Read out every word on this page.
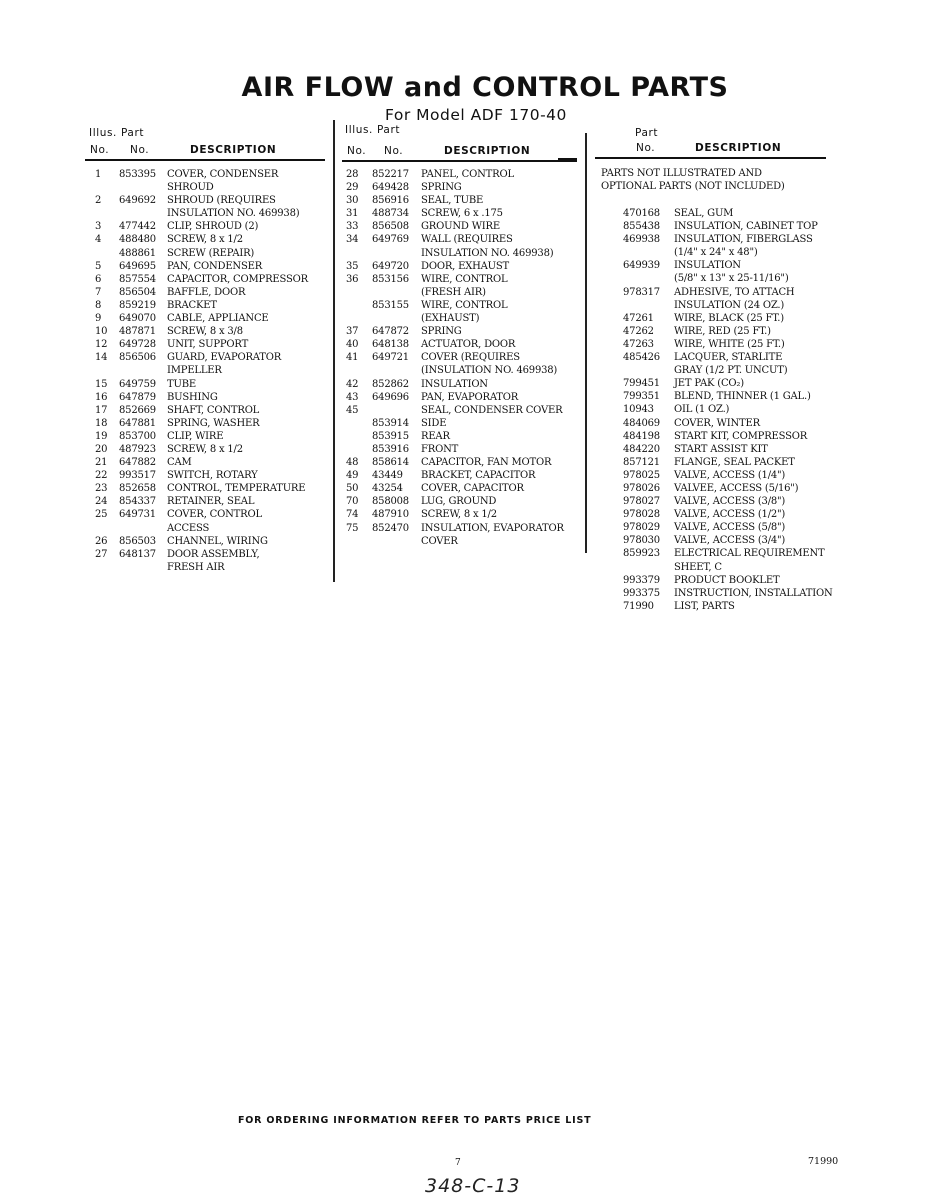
AIR FLOW and CONTROL PARTS
For Model ADF 170-40
Illus. Part
No. No.	DESCRIPTION
Illus. Part
No. No.	DESCRIPTION
Part
No.	DESCRIPTION
1 853395 COVER, CONDENSER
SHROUD
2 649692 SHROUD (REQUIRES
INSULATION NO. 469938)
3 477442 CLIP, SHROUD (2)
4 488480 SCREW, 8 x 1/2
488861 SCREW (REPAIR)
5 649695 PAN, CONDENSER
6 857554 CAPACITOR, COMPRESSOR
7 856504 BAFFLE, DOOR
8 859219 BRACKET
9 649070 CABLE, APPLIANCE
10 487871 SCREW, 8 x 3/8
12 649728 UNIT, SUPPORT
14 856506 GUARD, EVAPORATOR
IMPELLER
15 649759 TUBE
16 647879 BUSHING
17 852669 SHAFT, CONTROL
18 647881 SPRING, WASHER
19 853700 CLIP, WIRE
20 487923 SCREW, 8 x 1/2
21 647882 CAM
22 993517 SWITCH, ROTARY
23 852658 CONTROL, TEMPERATURE
24 854337 RETAINER, SEAL
25 649731 COVER, CONTROL
ACCESS
26 856503 CHANNEL, WIRING
27 648137 DOOR ASSEMBLY,
FRESH AIR
28 852217 PANEL, CONTROL
29 649428 SPRING
30 856916 SEAL, TUBE
31 488734 SCREW, 6 x .175
33 856508 GROUND WIRE
34 649769 WALL (REQUIRES
INSULATION NO. 469938)
35 649720 DOOR, EXHAUST
36 853156 WIRE, CONTROL
(FRESH AIR)
853155 WIRE, CONTROL
(EXHAUST)
37 647872 SPRING
40 648138 ACTUATOR, DOOR
41 649721 COVER (REQUIRES
(INSULATION NO. 469938)
42 852862 INSULATION
43 649696 PAN, EVAPORATOR
45	SEAL, CONDENSER COVER
853914 SIDE
853915 REAR
853916 FRONT
48 858614 CAPACITOR, FAN MOTOR
49 43449 BRACKET, CAPACITOR
50 43254 COVER, CAPACITOR
70 858008 LUG, GROUND
74 487910 SCREW, 8 x 1/2
75 852470 INSULATION, EVAPORATOR
COVER
PARTS NOT ILLUSTRATED AND
OPTIONAL PARTS (NOT INCLUDED)
470168 SEAL, GUM
855438 INSULATION, CABINET TOP
469938 INSULATION, FIBERGLASS
(1/4" x 24" x 48")
649939 INSULATION
(5/8" x 13" x 25-11/16")
978317 ADHESIVE, TO ATTACH
INSULATION (24 OZ.)
47261 WIRE, BLACK (25 FT.)
47262 WIRE, RED (25 FT.)
47263 WIRE, WHITE (25 FT.)
485426 LACQUER, STARLITE
GRAY (1/2 PT. UNCUT)
799451 JET PAK (CO₂)
799351 BLEND, THINNER (1 GAL.)
10943 OIL (1 OZ.)
484069 COVER, WINTER
484198 START KIT, COMPRESSOR
484220 START ASSIST KIT
857121 FLANGE, SEAL PACKET
978025 VALVE, ACCESS (1/4")
978026 VALVEE, ACCESS (5/16")
978027 VALVE, ACCESS (3/8")
978028 VALVE, ACCESS (1/2")
978029 VALVE, ACCESS (5/8")
978030 VALVE, ACCESS (3/4")
859923 ELECTRICAL REQUIREMENT
SHEET, C
993379 PRODUCT BOOKLET
993375 INSTRUCTION, INSTALLATION
71990 LIST, PARTS
FOR ORDERING INFORMATION REFER TO PARTS PRICE LIST
7	71990
348-C-13
